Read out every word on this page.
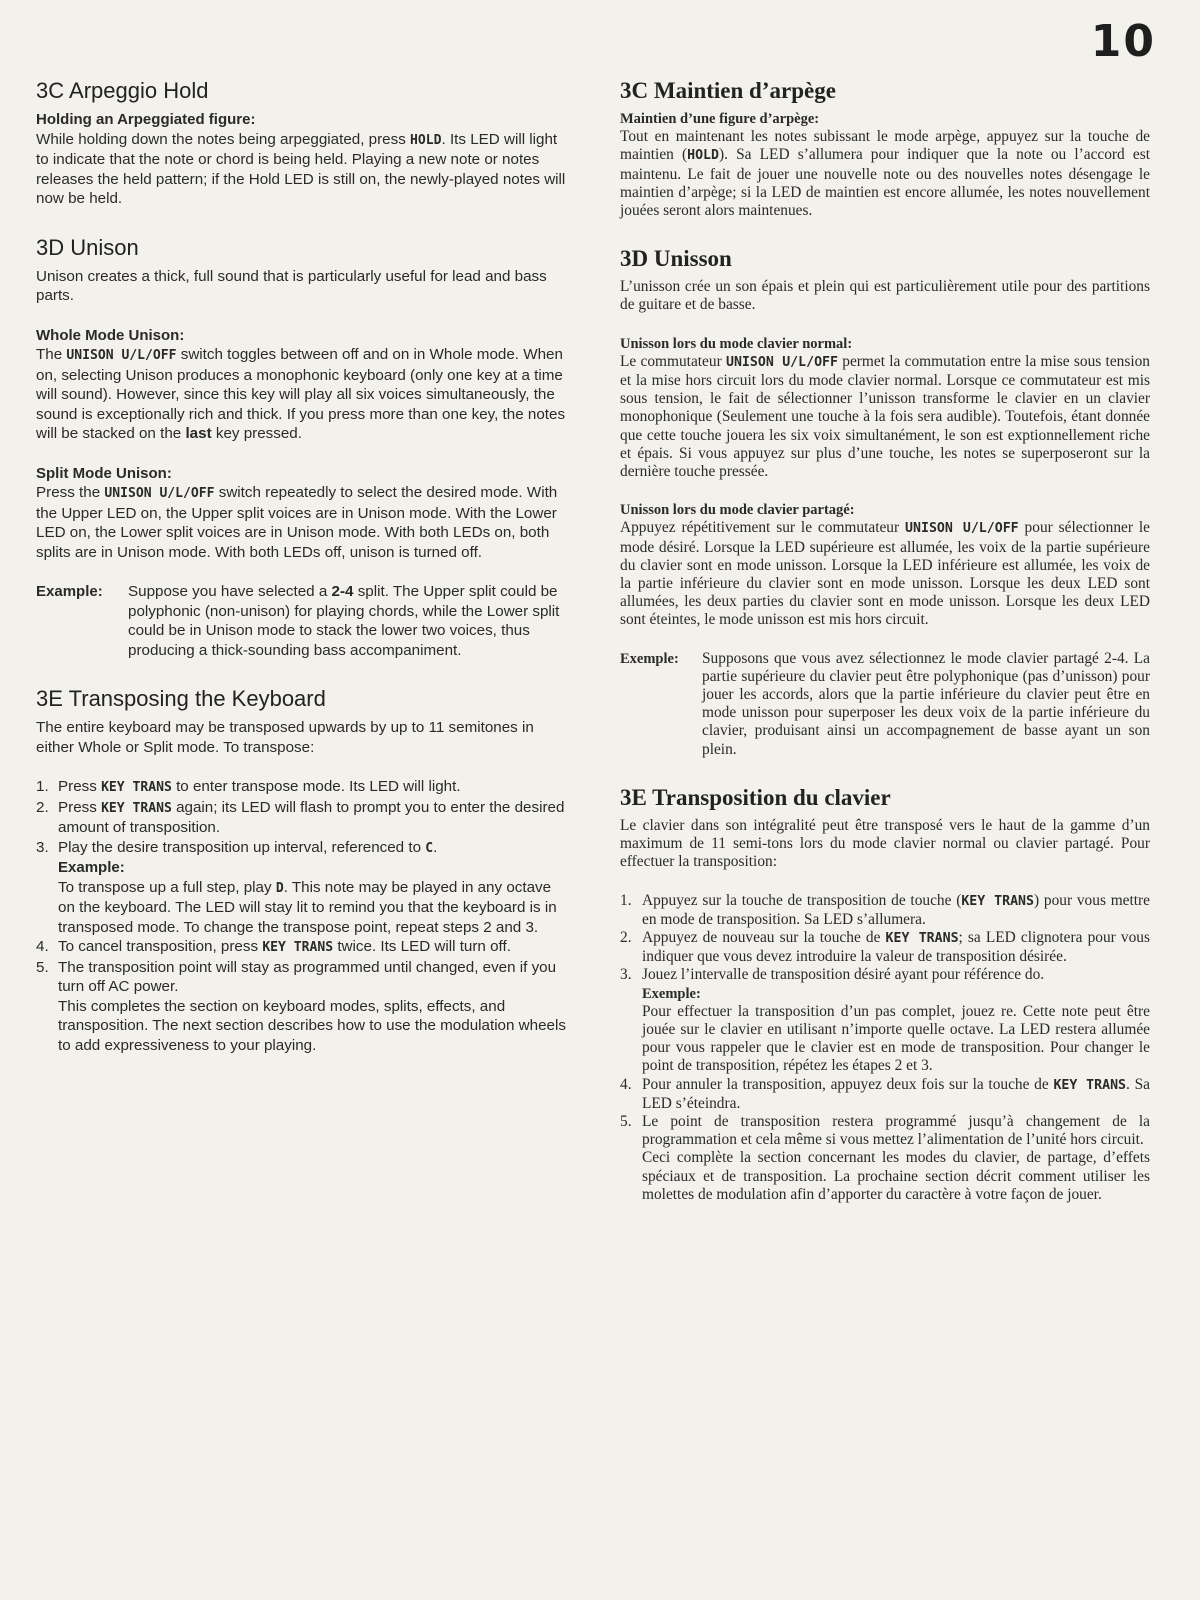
10
3C Arpeggio Hold

Holding an Arpeggiated figure:

While holding down the notes being arpeggiated, press HOLD. Its LED will light to indicate that the note or chord is being held. Playing a new note or notes releases the held pattern; if the Hold LED is still on, the newly-played notes will now be held.

3D Unison

Unison creates a thick, full sound that is particularly useful for lead and bass parts.

Whole Mode Unison:

The UNISON U/L/OFF switch toggles between off and on in Whole mode. When on, selecting Unison produces a monophonic keyboard (only one key at a time will sound). However, since this key will play all six voices simultaneously, the sound is exceptionally rich and thick. If you press more than one key, the notes will be stacked on the last key pressed.

Split Mode Unison:

Press the UNISON U/L/OFF switch repeatedly to select the desired mode. With the Upper LED on, the Upper split voices are in Unison mode. With the Lower LED on, the Lower split voices are in Unison mode. With both LEDs on, both splits are in Unison mode. With both LEDs off, unison is turned off.

Example:	Suppose you have selected a 2-4 split. The Upper split could be polyphonic (non-unison) for playing chords, while the Lower split could be in Unison mode to stack the lower two voices, thus producing a thick-sounding bass accompaniment.
3E Transposing the Keyboard

The entire keyboard may be transposed upwards by up to 11 semitones in either Whole or Split mode. To transpose:

1. Press KEY TRANS to enter transpose mode. Its LED will light.
2. Press KEY TRANS again; its LED will flash to prompt you to enter the desired amount of transposition.
3. Play the desire transposition up interval, referenced to C.
Example:
To transpose up a full step, play D. This note may be played in any octave on the keyboard. The LED will stay lit to remind you that the keyboard is in transposed mode. To change the transpose point, repeat steps 2 and 3.
4. To cancel transposition, press KEY TRANS twice. Its LED will turn off.
5. The transposition point will stay as programmed until changed, even if you turn off AC power.
This completes the section on keyboard modes, splits, effects, and transposition. The next section describes how to use the modulation wheels to add expressiveness to your playing.
3C Maintien d’arpège

Maintien d’une figure d’arpège:

Tout en maintenant les notes subissant le mode arpège, appuyez sur la touche de maintien (HOLD). Sa LED s’allumera pour indiquer que la note ou l’accord est maintenu. Le fait de jouer une nouvelle note ou des nouvelles notes désengage le maintien d’arpège; si la LED de maintien est encore allumée, les notes nouvellement jouées seront alors maintenues.

3D Unisson

L’unisson crée un son épais et plein qui est particulièrement utile pour des partitions de guitare et de basse.

Unisson lors du mode clavier normal:

Le commutateur UNISON U/L/OFF permet la commutation entre la mise sous tension et la mise hors circuit lors du mode clavier normal. Lorsque ce commutateur est mis sous tension, le fait de sélectionner l’unisson transforme le clavier en un clavier monophonique (Seulement une touche à la fois sera audible). Toutefois, étant donnée que cette touche jouera les six voix simultanément, le son est exptionnellement riche et épais. Si vous appuyez sur plus d’une touche, les notes se superposeront sur la dernière touche pressée.

Unisson lors du mode clavier partagé:

Appuyez répétitivement sur le commutateur UNISON U/L/OFF pour sélectionner le mode désiré. Lorsque la LED supérieure est allumée, les voix de la partie supérieure du clavier sont en mode unisson. Lorsque la LED inférieure est allumée, les voix de la partie inférieure du clavier sont en mode unisson. Lorsque les deux LED sont allumées, les deux parties du clavier sont en mode unisson. Lorsque les deux LED sont éteintes, le mode unisson est mis hors circuit.

Exemple:	Supposons que vous avez sélectionnez le mode clavier partagé 2-4. La partie supérieure du clavier peut être polyphonique (pas d’unisson) pour jouer les accords, alors que la partie inférieure du clavier peut être en mode unisson pour superposer les deux voix de la partie inférieure du clavier, produisant ainsi un accompagnement de basse ayant un son plein.
3E Transposition du clavier

Le clavier dans son intégralité peut être transposé vers le haut de la gamme d’un maximum de 11 semi-tons lors du mode clavier normal ou clavier partagé. Pour effectuer la transposition:

1. Appuyez sur la touche de transposition de touche (KEY TRANS) pour vous mettre en mode de transposition. Sa LED s’allumera.
2. Appuyez de nouveau sur la touche de KEY TRANS; sa LED clignotera pour vous indiquer que vous devez introduire la valeur de transposition désirée.
3. Jouez l’intervalle de transposition désiré ayant pour référence do.
Exemple:
Pour effectuer la transposition d’un pas complet, jouez re. Cette note peut être jouée sur le clavier en utilisant n’importe quelle octave. La LED restera allumée pour vous rappeler que le clavier est en mode de transposition. Pour changer le point de transposition, répétez les étapes 2 et 3.
4. Pour annuler la transposition, appuyez deux fois sur la touche de KEY TRANS. Sa LED s’éteindra.
5. Le point de transposition restera programmé jusqu’à changement de la programmation et cela même si vous mettez l’alimentation de l’unité hors circuit.
Ceci complète la section concernant les modes du clavier, de partage, d’effets spéciaux et de transposition. La prochaine section décrit comment utiliser les molettes de modulation afin d’apporter du caractère à votre façon de jouer.
